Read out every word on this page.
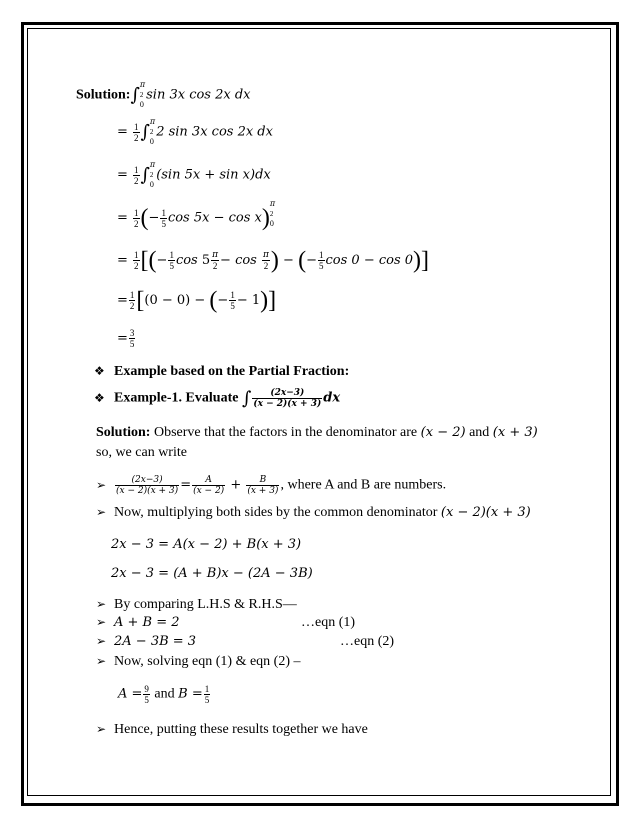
Solution:∫π
2
0sin 3x cos 2x dx
= $\frac{1}{2} \int\pi$
2
02 sin 3x cos 2x dx
= $\frac{1}{2} \int\pi$
2
0(sin 5x + sin x)dx
= $\frac{1}{2}$ (− $\frac{1}{5}$ cos 5x − cos x)π
2
0
= $\frac{1}{2}$ [(− $\frac{1}{5}$ $\cos 5 \frac{\pi}{2} - \cos \frac{\pi}{2}$ ) − (− $\frac{1}{5}$ cos 0 − cos 0)]
= $\frac{1}{2} [(0 - 0)$ − (− $\frac{1}{5} - 1$)]
= $\frac{3}{5}$
❖ Example based on the Partial Fraction:
❖ Example-1. Evaluate ∫ $\frac{(2x-3)}{(x - 2)(x + 3)}$ dx
Solution: Observe that the factors in the denominator are (x − 2) and (x + 3)
so, we can write
➢ $\frac{(2x-3)}{(x - 2)(x + 3)} = \frac{A}{(x - 2)} + \frac{B}{(x + 3)}$ , where A and B are numbers.
➢ Now, multiplying both sides by the common denominator (x − 2)(x + 3)
2x − 3 = A(x − 2) + B(x + 3)
2x − 3 = (A + B)x − (2A − 3B)
➢ By comparing L.H.S & R.H.S—
➢ A + B = 2	…eqn (1)
➢ 2A − 3B = 3	…eqn (2)
➢ Now, solving eqn (1) & eqn (2) –
$A = \frac{9}{5}$ and $B = \frac{1}{5}$
➢ Hence, putting these results together we have
